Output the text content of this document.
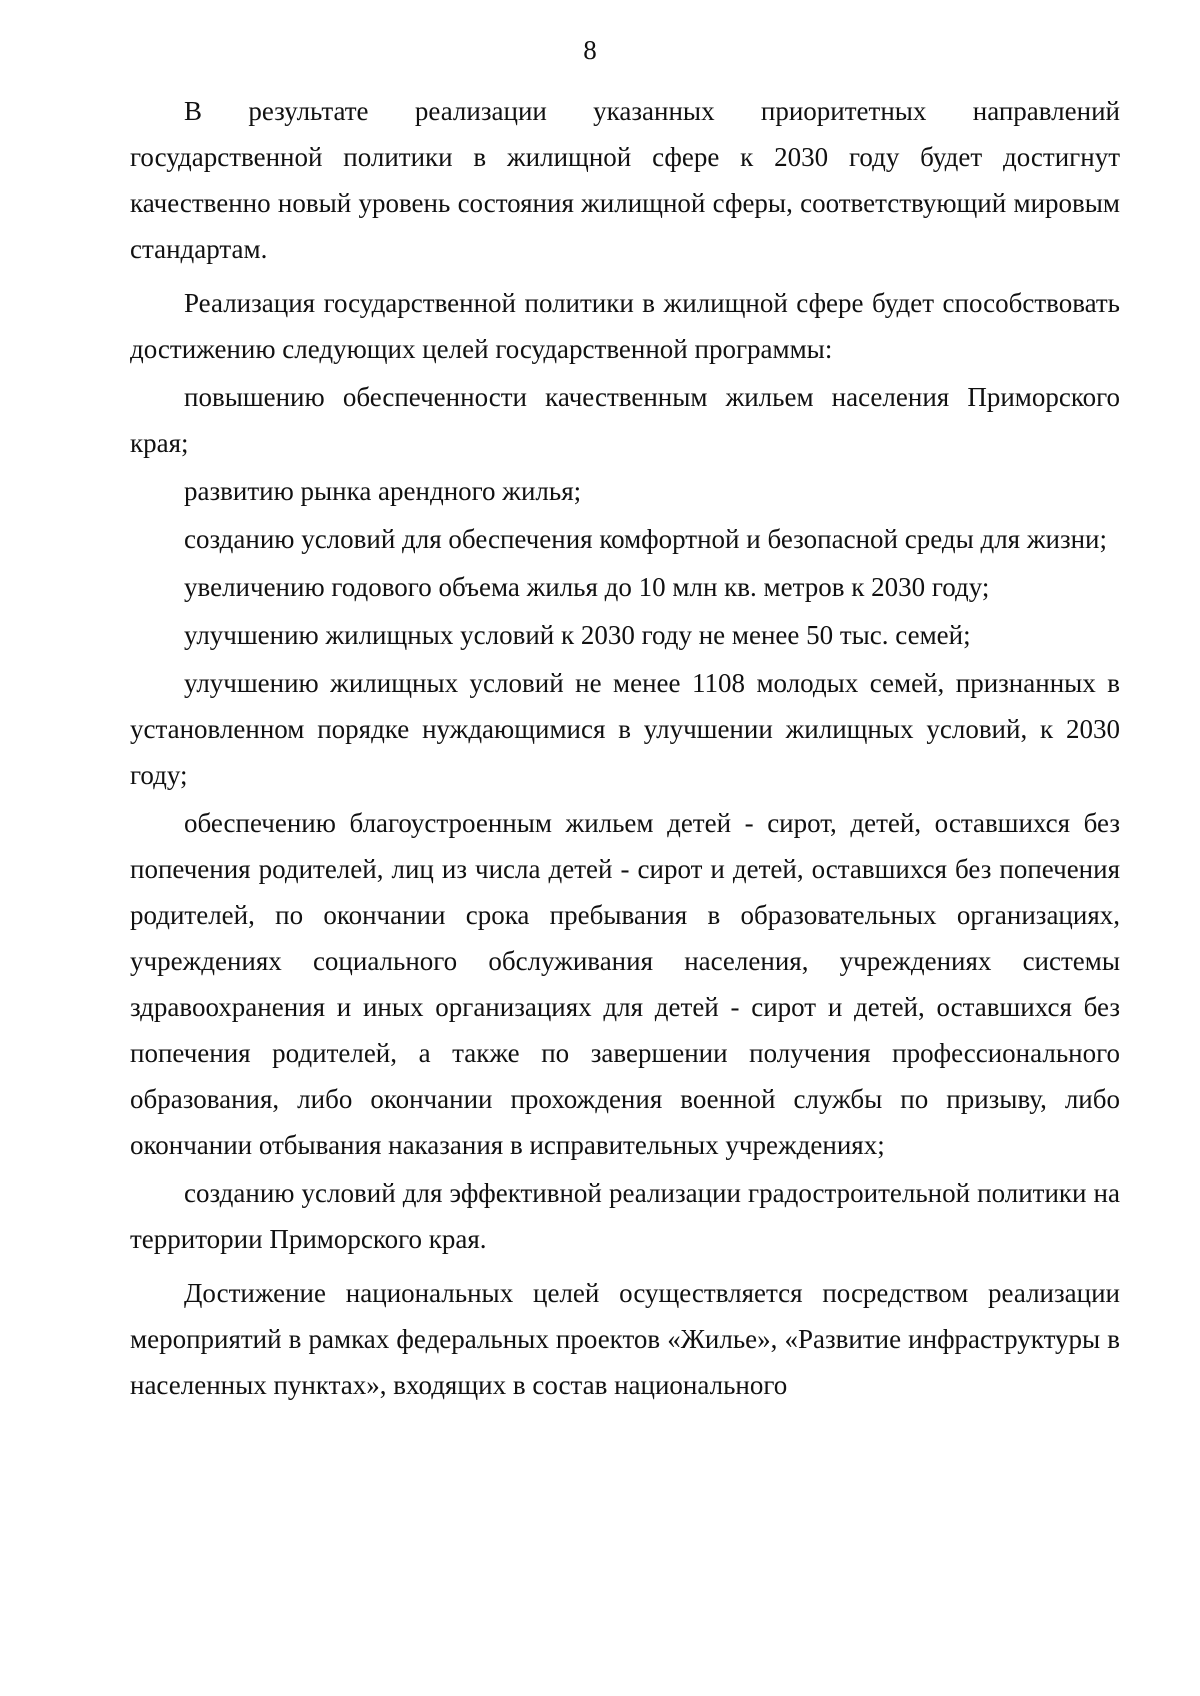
8

В результате реализации указанных приоритетных направлений государственной политики в жилищной сфере к 2030 году будет достигнут качественно новый уровень состояния жилищной сферы, соответствующий мировым стандартам.

Реализация государственной политики в жилищной сфере будет способствовать достижению следующих целей государственной программы:

повышению обеспеченности качественным жильем населения Приморского края;

развитию рынка арендного жилья;

созданию условий для обеспечения комфортной и безопасной среды для жизни;

увеличению годового объема жилья до 10 млн кв. метров к 2030 году;

улучшению жилищных условий к 2030 году не менее 50 тыс. семей;

улучшению жилищных условий не менее 1108 молодых семей, признанных в установленном порядке нуждающимися в улучшении жилищных условий, к 2030 году;

обеспечению благоустроенным жильем детей - сирот, детей, оставшихся без попечения родителей, лиц из числа детей - сирот и детей, оставшихся без попечения родителей, по окончании срока пребывания в образовательных организациях, учреждениях социального обслуживания населения, учреждениях системы здравоохранения и иных организациях для детей - сирот и детей, оставшихся без попечения родителей, а также по завершении получения профессионального образования, либо окончании прохождения военной службы по призыву, либо окончании отбывания наказания в исправительных учреждениях;

созданию условий для эффективной реализации градостроительной политики на территории Приморского края.

Достижение национальных целей осуществляется посредством реализации мероприятий в рамках федеральных проектов «Жилье», «Развитие инфраструктуры в населенных пунктах», входящих в состав национального
